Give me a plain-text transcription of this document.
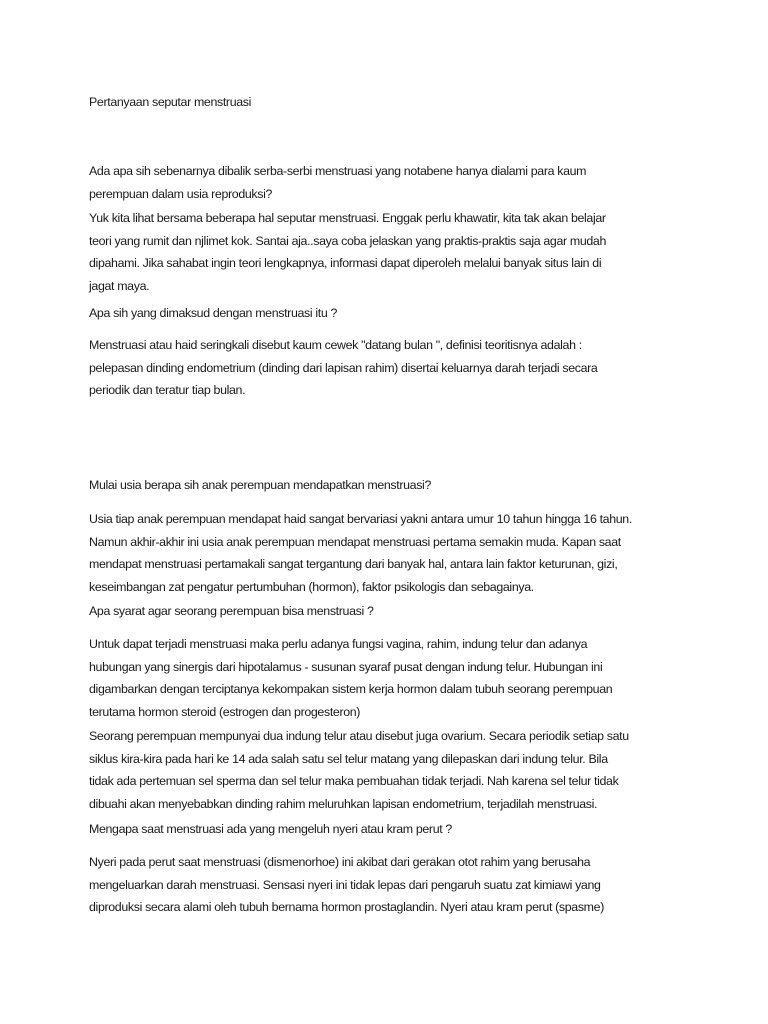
Pertanyaan seputar menstruasi
Ada apa sih sebenarnya dibalik serba-serbi menstruasi yang notabene hanya dialami para kaum
perempuan dalam usia reproduksi?
Yuk kita lihat bersama beberapa hal seputar menstruasi. Enggak perlu khawatir, kita tak akan belajar
teori yang rumit dan njlimet kok. Santai aja..saya coba jelaskan yang praktis-praktis saja agar mudah
dipahami. Jika sahabat ingin teori lengkapnya, informasi dapat diperoleh melalui banyak situs lain di
jagat maya.
Apa sih yang dimaksud dengan menstruasi itu ?
Menstruasi atau haid seringkali disebut kaum cewek "datang bulan ", definisi teoritisnya adalah :
pelepasan dinding endometrium (dinding dari lapisan rahim) disertai keluarnya darah terjadi secara
periodik dan teratur tiap bulan.
Mulai usia berapa sih anak perempuan mendapatkan menstruasi?
Usia tiap anak perempuan mendapat haid sangat bervariasi yakni antara umur 10 tahun hingga 16 tahun.
Namun akhir-akhir ini usia anak perempuan mendapat menstruasi pertama semakin muda. Kapan saat
mendapat menstruasi pertamakali sangat tergantung dari banyak hal, antara lain faktor keturunan, gizi,
keseimbangan zat pengatur pertumbuhan (hormon), faktor psikologis dan sebagainya.
Apa syarat agar seorang perempuan bisa menstruasi ?
Untuk dapat terjadi menstruasi maka perlu adanya fungsi vagina, rahim, indung telur dan adanya
hubungan yang sinergis dari hipotalamus - susunan syaraf pusat dengan indung telur. Hubungan ini
digambarkan dengan terciptanya kekompakan sistem kerja hormon dalam tubuh seorang perempuan
terutama hormon steroid (estrogen dan progesteron)
Seorang perempuan mempunyai dua indung telur atau disebut juga ovarium. Secara periodik setiap satu
siklus kira-kira pada hari ke 14 ada salah satu sel telur matang yang dilepaskan dari indung telur. Bila
tidak ada pertemuan sel sperma dan sel telur maka pembuahan tidak terjadi. Nah karena sel telur tidak
dibuahi akan menyebabkan dinding rahim meluruhkan lapisan endometrium, terjadilah menstruasi.
Mengapa saat menstruasi ada yang mengeluh nyeri atau kram perut ?
Nyeri pada perut saat menstruasi (dismenorhoe) ini akibat dari gerakan otot rahim yang berusaha
mengeluarkan darah menstruasi. Sensasi nyeri ini tidak lepas dari pengaruh suatu zat kimiawi yang
diproduksi secara alami oleh tubuh bernama hormon prostaglandin. Nyeri atau kram perut (spasme)
